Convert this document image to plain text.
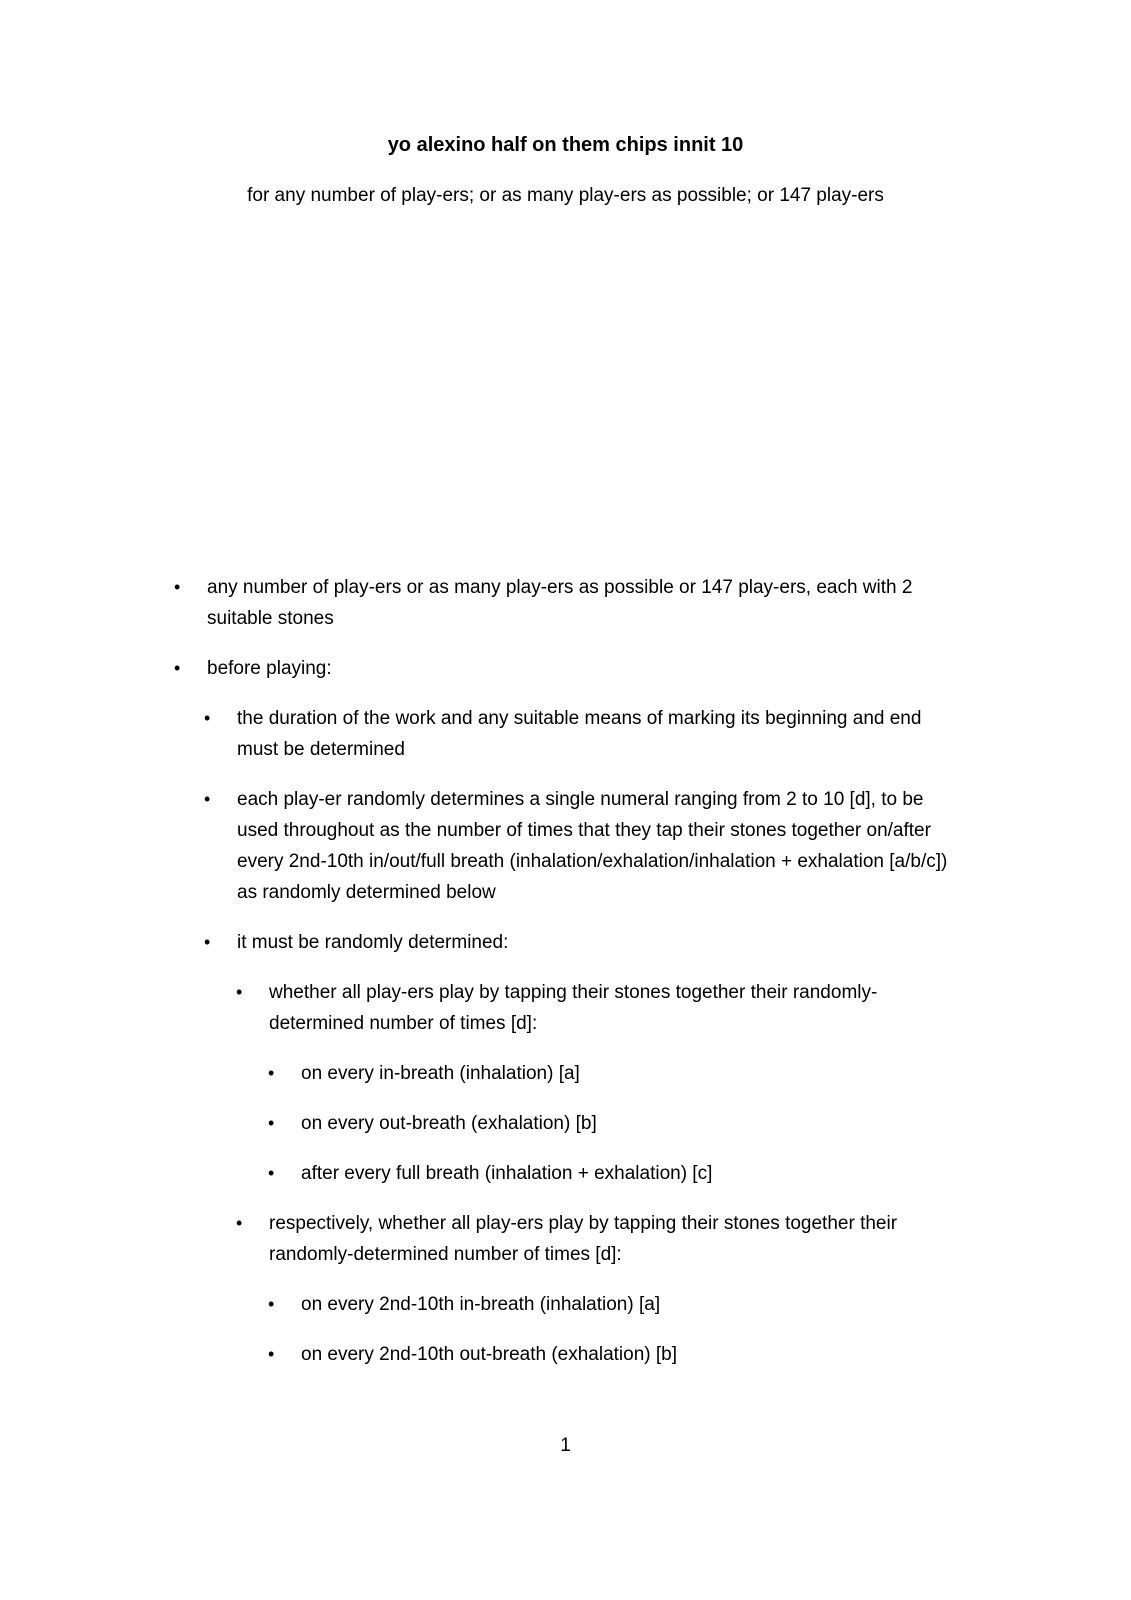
yo alexino half on them chips innit 10
for any number of play-ers; or as many play-ers as possible; or 147 play-ers
•	any number of play-ers or as many play-ers as possible or 147 play-ers, each with 2 suitable stones
•	before playing:
•	the duration of the work and any suitable means of marking its beginning and end must be determined
•	each play-er randomly determines a single numeral ranging from 2 to 10 [d], to be used throughout as the number of times that they tap their stones together on/after every 2nd-10th in/out/full breath (inhalation/exhalation/inhalation + exhalation [a/b/c]) as randomly determined below
•	it must be randomly determined:
•	whether all play-ers play by tapping their stones together their randomly-determined number of times [d]:
•	on every in-breath (inhalation) [a]
•	on every out-breath (exhalation) [b]
•	after every full breath (inhalation + exhalation) [c]
•	respectively, whether all play-ers play by tapping their stones together their randomly-determined number of times [d]:
•	on every 2nd-10th in-breath (inhalation) [a]
•	on every 2nd-10th out-breath (exhalation) [b]
1
